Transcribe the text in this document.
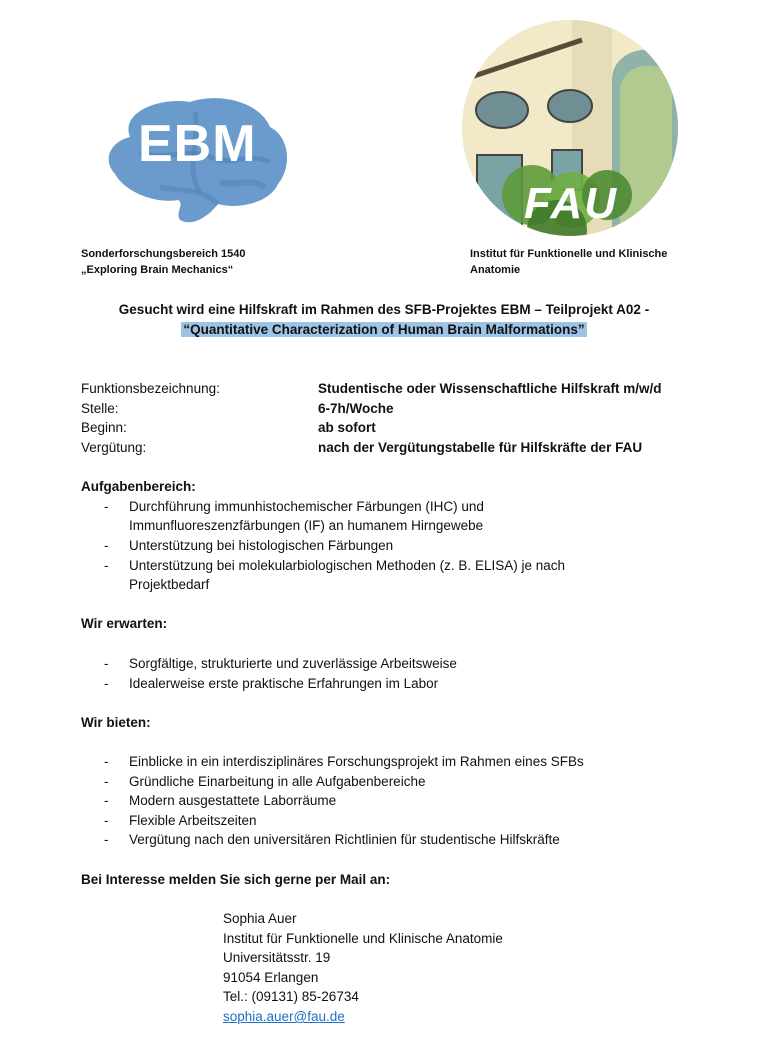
EBM
Sonderforschungsbereich 1540
„Exploring Brain Mechanics“
FAU
Institut für Funktionelle und Klinische
Anatomie
Gesucht wird eine Hilfskraft im Rahmen des SFB-Projektes EBM – Teilprojekt A02 -
“Quantitative Characterization of Human Brain Malformations”
Funktionsbezeichnung:	Studentische oder Wissenschaftliche Hilfskraft m/w/d
Stelle:	6-7h/Woche
Beginn:	ab sofort
Vergütung:	nach der Vergütungstabelle für Hilfskräfte der FAU
Aufgabenbereich:
- Durchführung immunhistochemischer Färbungen (IHC) und
Immunfluoreszenzfärbungen (IF) an humanem Hirngewebe
- Unterstützung bei histologischen Färbungen
- Unterstützung bei molekularbiologischen Methoden (z. B. ELISA) je nach
Projektbedarf
Wir erwarten:
- Sorgfältige, strukturierte und zuverlässige Arbeitsweise
- Idealerweise erste praktische Erfahrungen im Labor
Wir bieten:
- Einblicke in ein interdisziplinäres Forschungsprojekt im Rahmen eines SFBs
- Gründliche Einarbeitung in alle Aufgabenbereiche
- Modern ausgestattete Laborräume
- Flexible Arbeitszeiten
- Vergütung nach den universitären Richtlinien für studentische Hilfskräfte
Bei Interesse melden Sie sich gerne per Mail an:
Sophia Auer
Institut für Funktionelle und Klinische Anatomie
Universitätsstr. 19
91054 Erlangen
Tel.: (09131) 85-26734
sophia.auer@fau.de
